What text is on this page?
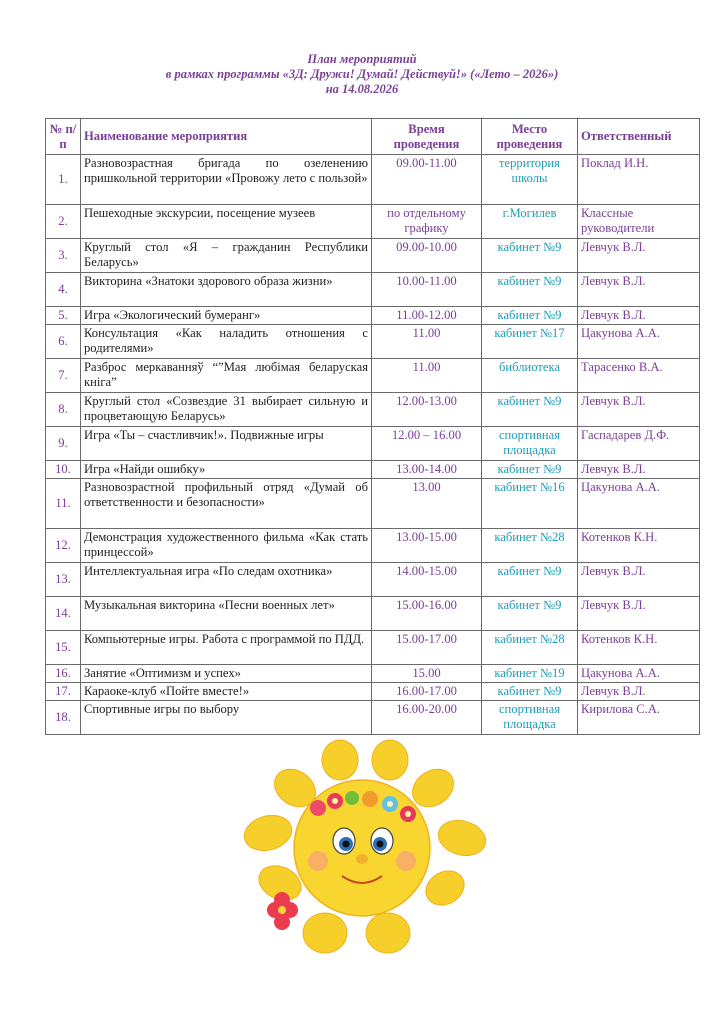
План мероприятий
в рамках программы «3Д: Дружи! Думай! Действуй!» («Лето – 2026»)
на 14.08.2026
№ п/п	Наименование мероприятия	Время проведения	Место проведения	Ответственный
1.	Разновозрастная бригада по озеленению пришкольной территории «Провожу лето с пользой»	09.00-11.00	территория школы	Поклад И.Н.
2.	Пешеходные экскурсии, посещение музеев	по отдельному графику	г.Могилев	Классные руководители
3.	Круглый стол «Я – гражданин Республики Беларусь»	09.00-10.00	кабинет №9	Левчук В.Л.
4.	Викторина «Знатоки здорового образа жизни»	10.00-11.00	кабинет №9	Левчук В.Л.
5.	Игра «Экологический бумеранг»	11.00-12.00	кабинет №9	Левчук В.Л.
6.	Консультация «Как наладить отношения с родителями»	11.00	кабинет №17	Цакунова А.А.
7.	Разброс меркаванняў “”Мая любімая беларуская кніга”	11.00	библиотека	Тарасенко В.А.
8.	Круглый стол «Созвездие 31 выбирает сильную и процветающую Беларусь»	12.00-13.00	кабинет №9	Левчук В.Л.
9.	Игра «Ты – счастливчик!». Подвижные игры	12.00 – 16.00	спортивная площадка	Гаспадарев Д.Ф.
10.	Игра «Найди ошибку»	13.00-14.00	кабинет №9	Левчук В.Л.
11.	Разновозрастной профильный отряд «Думай об ответственности и безопасности»	13.00	кабинет №16	Цакунова А.А.
12.	Демонстрация художественного фильма «Как стать принцессой»	13.00-15.00	кабинет №28	Котенков К.Н.
13.	Интеллектуальная игра «По следам охотника»	14.00-15.00	кабинет №9	Левчук В.Л.
14.	Музыкальная викторина «Песни военных лет»	15.00-16.00	кабинет №9	Левчук В.Л.
15.	Компьютерные игры. Работа с программой по ПДД.	15.00-17.00	кабинет №28	Котенков К.Н.
16.	Занятие «Оптимизм и успех»	15.00	кабинет №19	Цакунова А.А.
17.	Караоке-клуб «Пойте вместе!»	16.00-17.00	кабинет №9	Левчук В.Л.
18.	Спортивные игры по выбору	16.00-20.00	спортивная площадка	Кирилова С.А.
